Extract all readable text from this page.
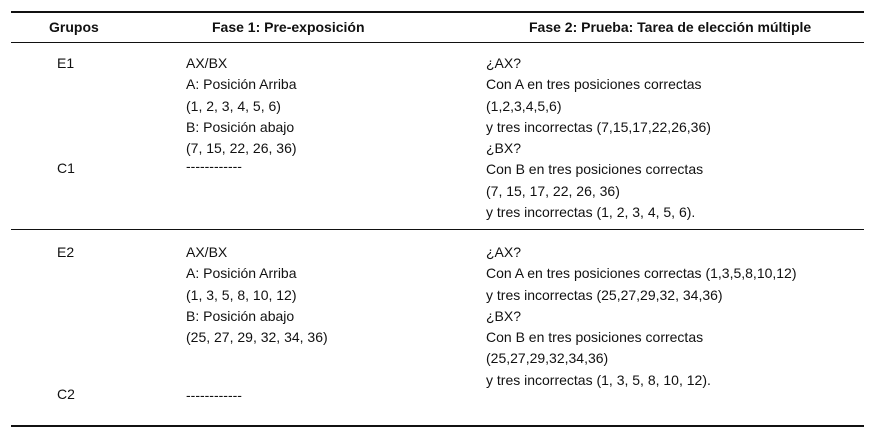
Grupos	Fase 1: Pre-exposición	Fase 2: Prueba: Tarea de elección múltiple
E1
C1
AX/BX
A: Posición Arriba
(1, 2, 3, 4, 5, 6)
B: Posición abajo
(7, 15, 22, 26, 36)
------------
¿AX?
Con A en tres posiciones correctas
(1,2,3,4,5,6)
y tres incorrectas (7,15,17,22,26,36)
¿BX?
Con B en tres posiciones correctas
(7, 15, 17, 22, 26, 36)
y tres incorrectas (1, 2, 3, 4, 5, 6).
E2
C2
AX/BX
A: Posición Arriba
(1, 3, 5, 8, 10, 12)
B: Posición abajo
(25, 27, 29, 32, 34, 36)
------------
¿AX?
Con A en tres posiciones correctas (1,3,5,8,10,12)
y tres incorrectas (25,27,29,32, 34,36)
¿BX?
Con B en tres posiciones correctas
(25,27,29,32,34,36)
y tres incorrectas (1, 3, 5, 8, 10, 12).
